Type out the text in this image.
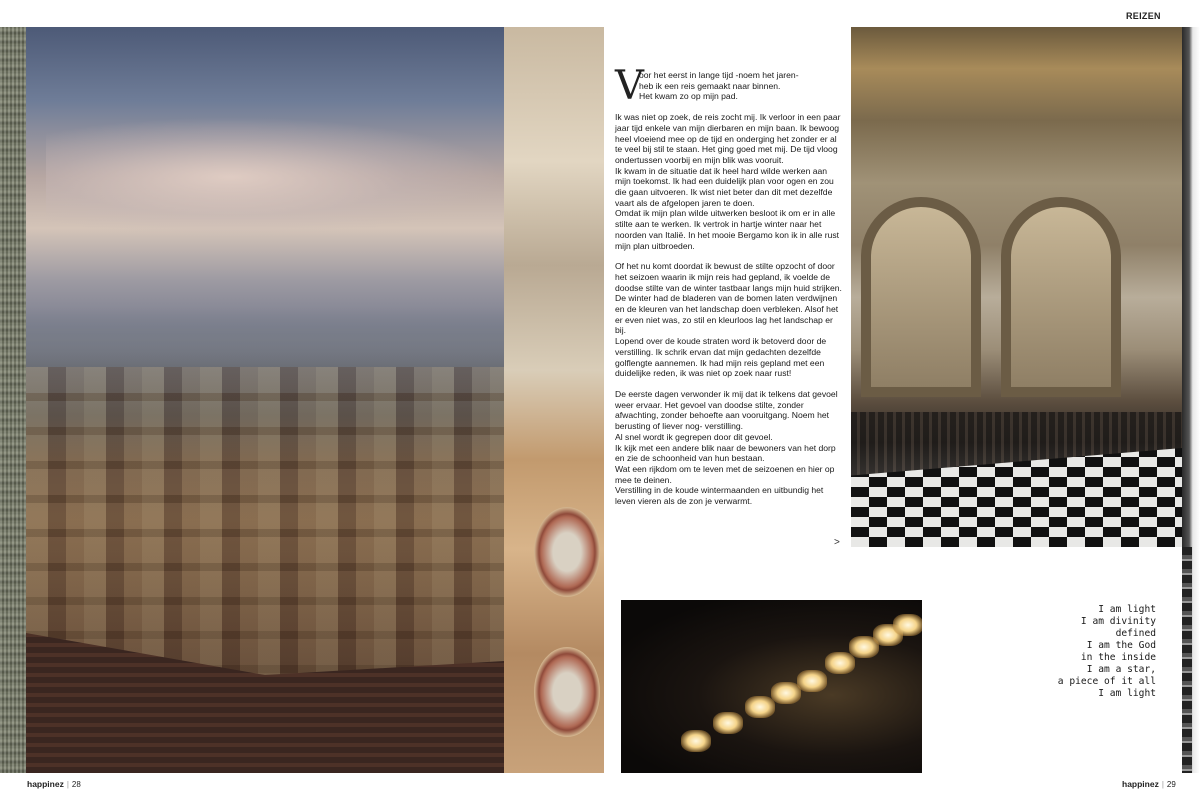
REIZEN

V
oor het eerst in lange tijd -noem het jaren-
heb ik een reis gemaakt naar binnen.
Het kwam zo op mijn pad.

Ik was niet op zoek, de reis zocht mij. Ik verloor in een paar jaar tijd enkele van mijn dierbaren en mijn baan. Ik bewoog heel vloeiend mee op de tijd en onderging het zonder er al te veel bij stil te staan. Het ging goed met mij. De tijd vloog ondertussen voorbij en mijn blik was vooruit.

Ik kwam in de situatie dat ik heel hard wilde werken aan mijn toekomst. Ik had een duidelijk plan voor ogen en zou die gaan uitvoeren. Ik wist niet beter dan dit met dezelfde vaart als de afgelopen jaren te doen.

Omdat ik mijn plan wilde uitwerken besloot ik om er in alle stilte aan te werken. Ik vertrok in hartje winter naar het noorden van Italië. In het mooie Bergamo kon ik in alle rust mijn plan uitbroeden.

Of het nu komt doordat ik bewust de stilte opzocht of door het seizoen waarin ik mijn reis had gepland, ik voelde de doodse stilte van de winter tastbaar langs mijn huid strijken. De winter had de bladeren van de bomen laten verdwijnen en de kleuren van het landschap doen verbleken. Alsof het er even niet was, zo stil en kleurloos lag het landschap er bij.

Lopend over de koude straten word ik betoverd door de verstilling. Ik schrik ervan dat mijn gedachten dezelfde golflengte aannemen. Ik had mijn reis gepland met een duidelijke reden, ik was niet op zoek naar rust!

De eerste dagen verwonder ik mij dat ik telkens dat gevoel weer ervaar. Het gevoel van doodse stilte, zonder afwachting, zonder behoefte aan vooruitgang. Noem het berusting of liever nog- verstilling.

Al snel wordt ik gegrepen door dit gevoel.

Ik kijk met een andere blik naar de bewoners van het dorp en zie de schoonheid van hun bestaan.

Wat een rijkdom om te leven met de seizoenen en hier op mee te deinen.

Verstilling in de koude wintermaanden en uitbundig het leven vieren als de zon je verwarmt.

>
I am light
I am divinity
defined
I am the God
in the inside
I am a star,
a piece of it all
I am light
happinez | 28	happinez | 29
